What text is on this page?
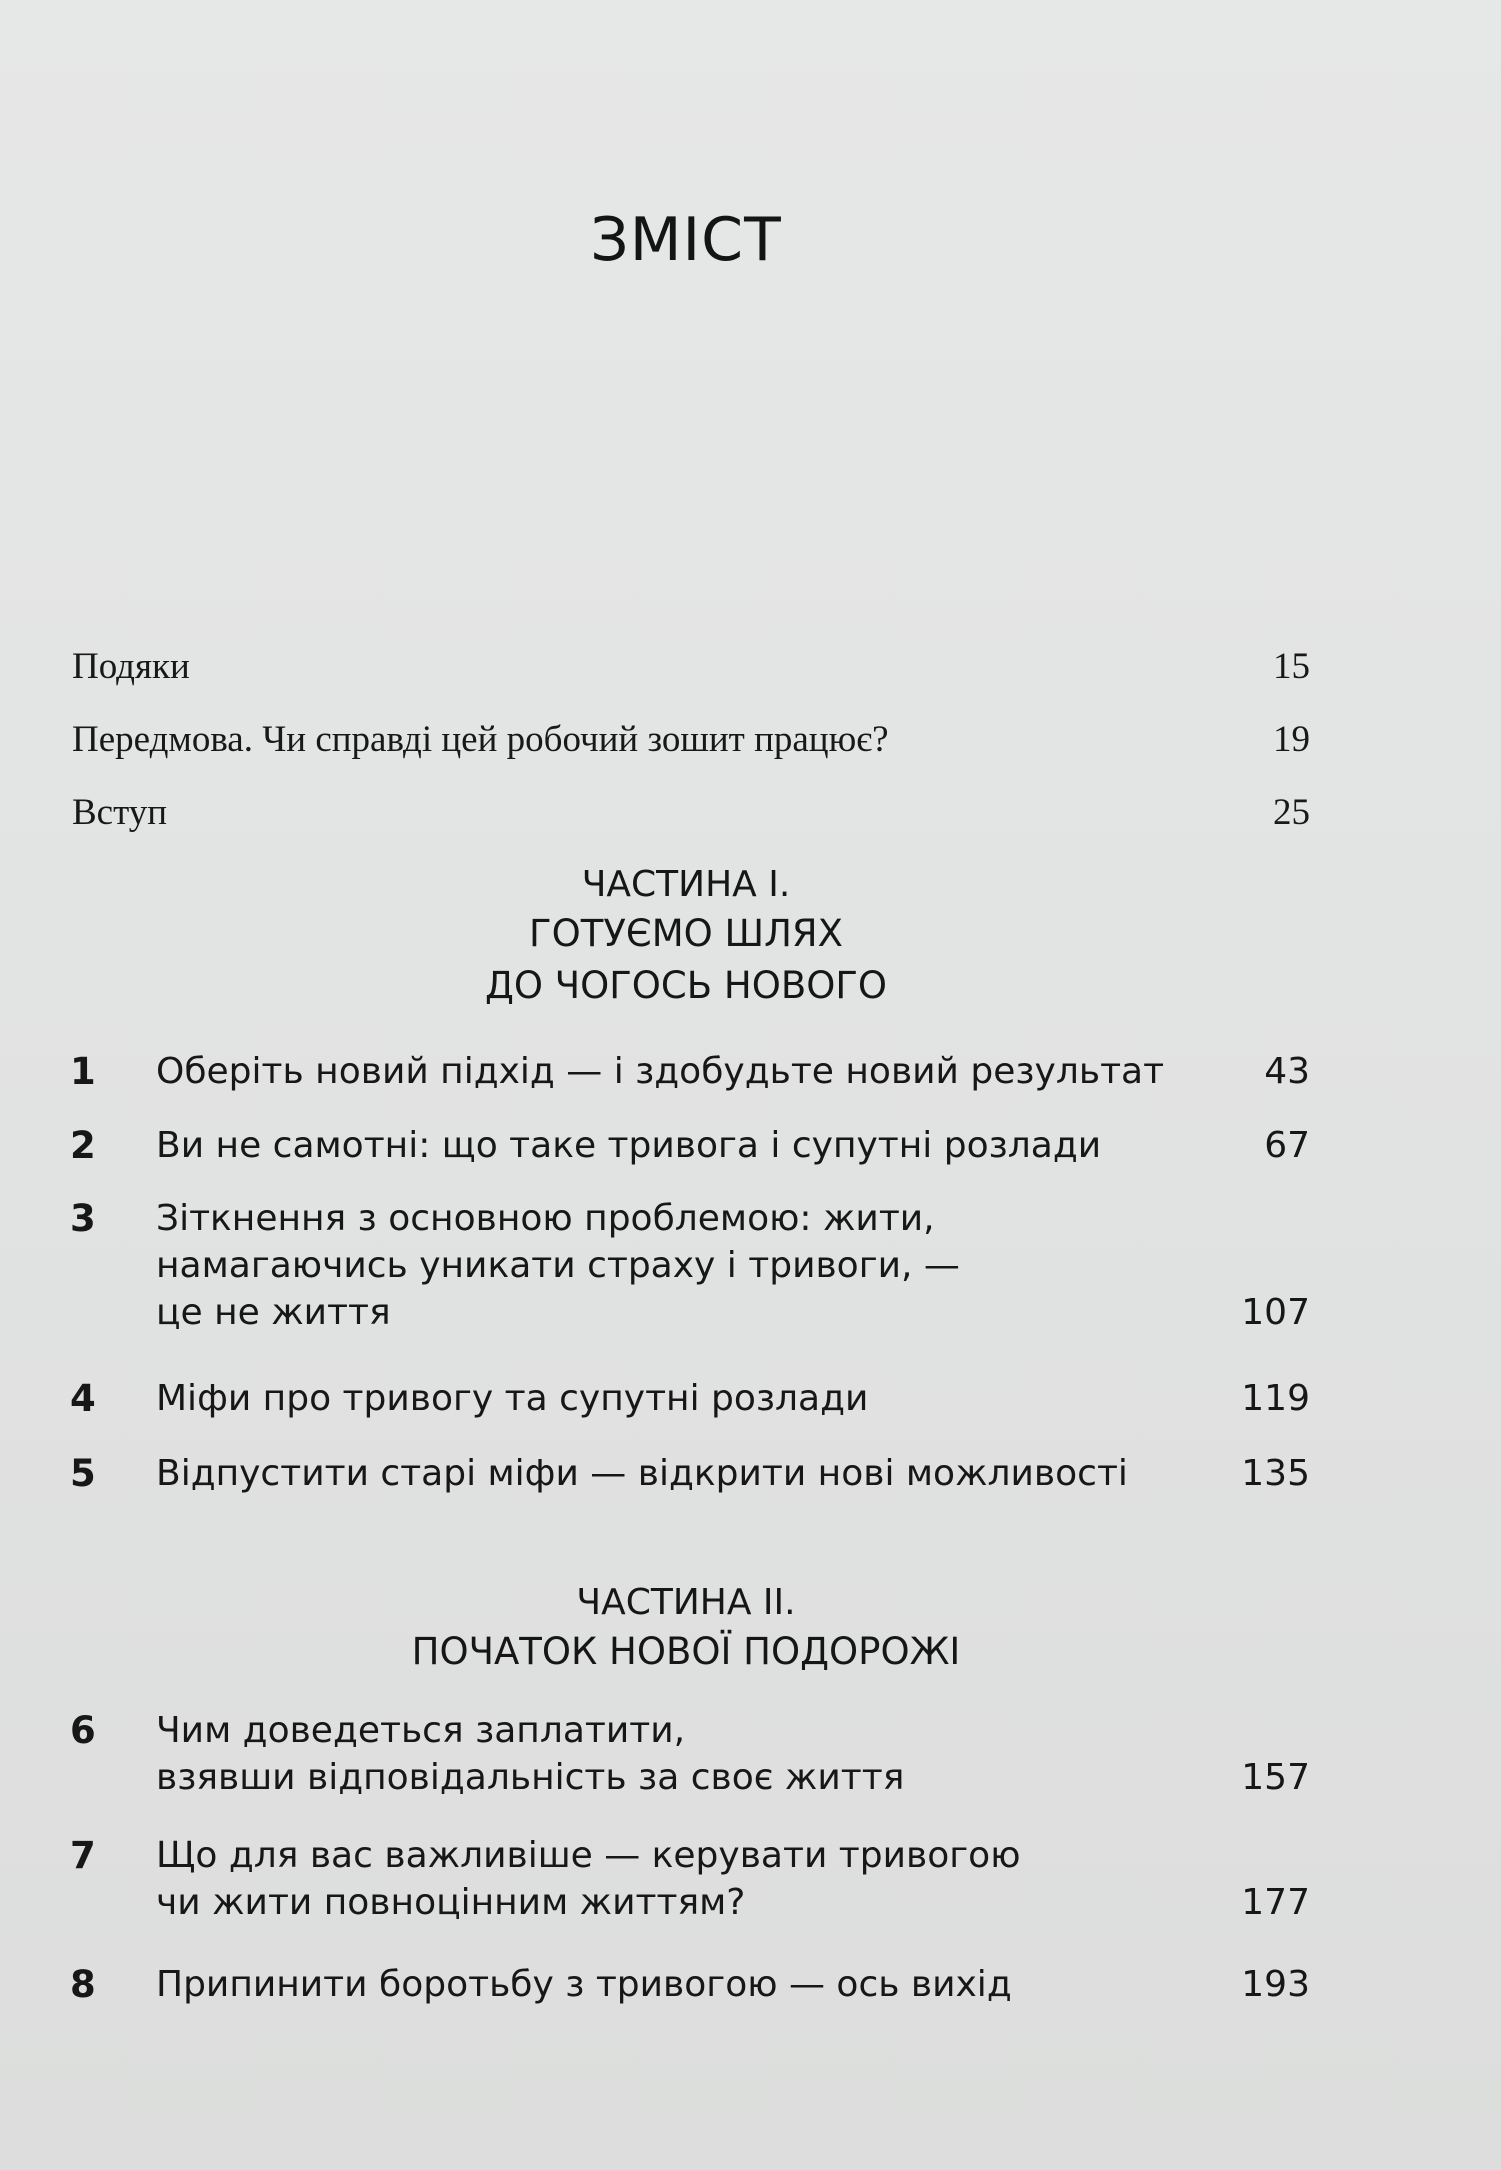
ЗМІСТ
Подяки	15
Передмова. Чи справді цей робочий зошит працює?	19
Вступ	25
ЧАСТИНА I.
ГОТУЄМО ШЛЯХ
ДО ЧОГОСЬ НОВОГО
1 Оберіть новий підхід — і здобудьте новий результат	43
2 Ви не самотні: що таке тривога і супутні розлади	67
3 Зіткнення з основною проблемою: жити,
намагаючись уникати страху і тривоги, —
це не життя	107
4 Міфи про тривогу та супутні розлади	119
5 Відпустити старі міфи — відкрити нові можливості	135
ЧАСТИНА II.
ПОЧАТОК НОВОЇ ПОДОРОЖІ
6 Чим доведеться заплатити,
взявши відповідальність за своє життя	157
7 Що для вас важливіше — керувати тривогою
чи жити повноцінним життям?	177
8 Припинити боротьбу з тривогою — ось вихід	193
